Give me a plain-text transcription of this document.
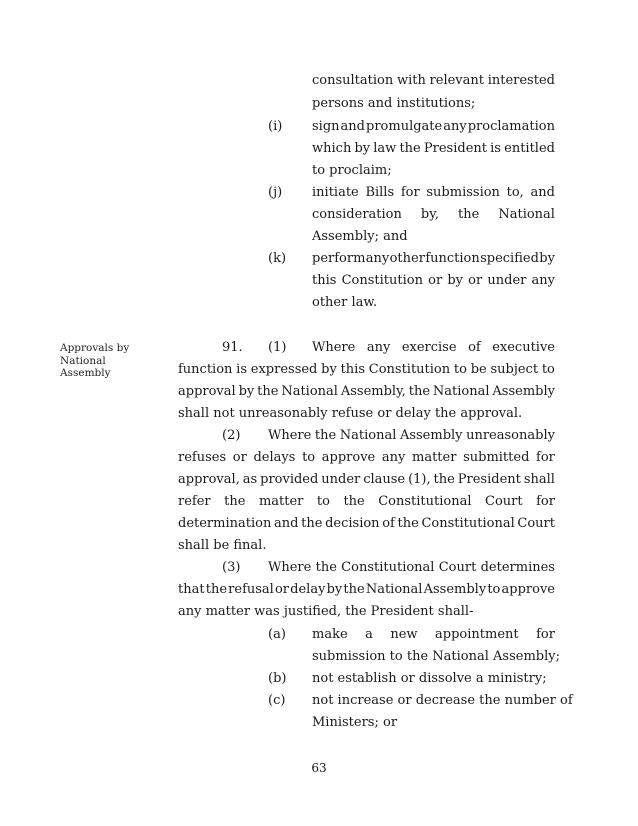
Approvals by
National
Assembly
consultation with relevant interested
persons and institutions;
(i) sign and promulgate any proclamation
which by law the President is entitled
to proclaim;
(j) initiate Bills for submission to, and
consideration by, the National
Assembly; and
(k) perform any other function specified by
this Constitution or by or under any
other law.
91. (1) Where any exercise of executive
function is expressed by this Constitution to be subject to
approval by the National Assembly, the National Assembly
shall not unreasonably refuse or delay the approval.
(2) Where the National Assembly unreasonably
refuses or delays to approve any matter submitted for
approval, as provided under clause (1), the President shall
refer the matter to the Constitutional Court for
determination and the decision of the Constitutional Court
shall be final.
(3) Where the Constitutional Court determines
that the refusal or delay by the National Assembly to approve
any matter was justified, the President shall-
(a) make a new appointment for
submission to the National Assembly;
(b) not establish or dissolve a ministry;
(c) not increase or decrease the number of
Ministers; or
63
